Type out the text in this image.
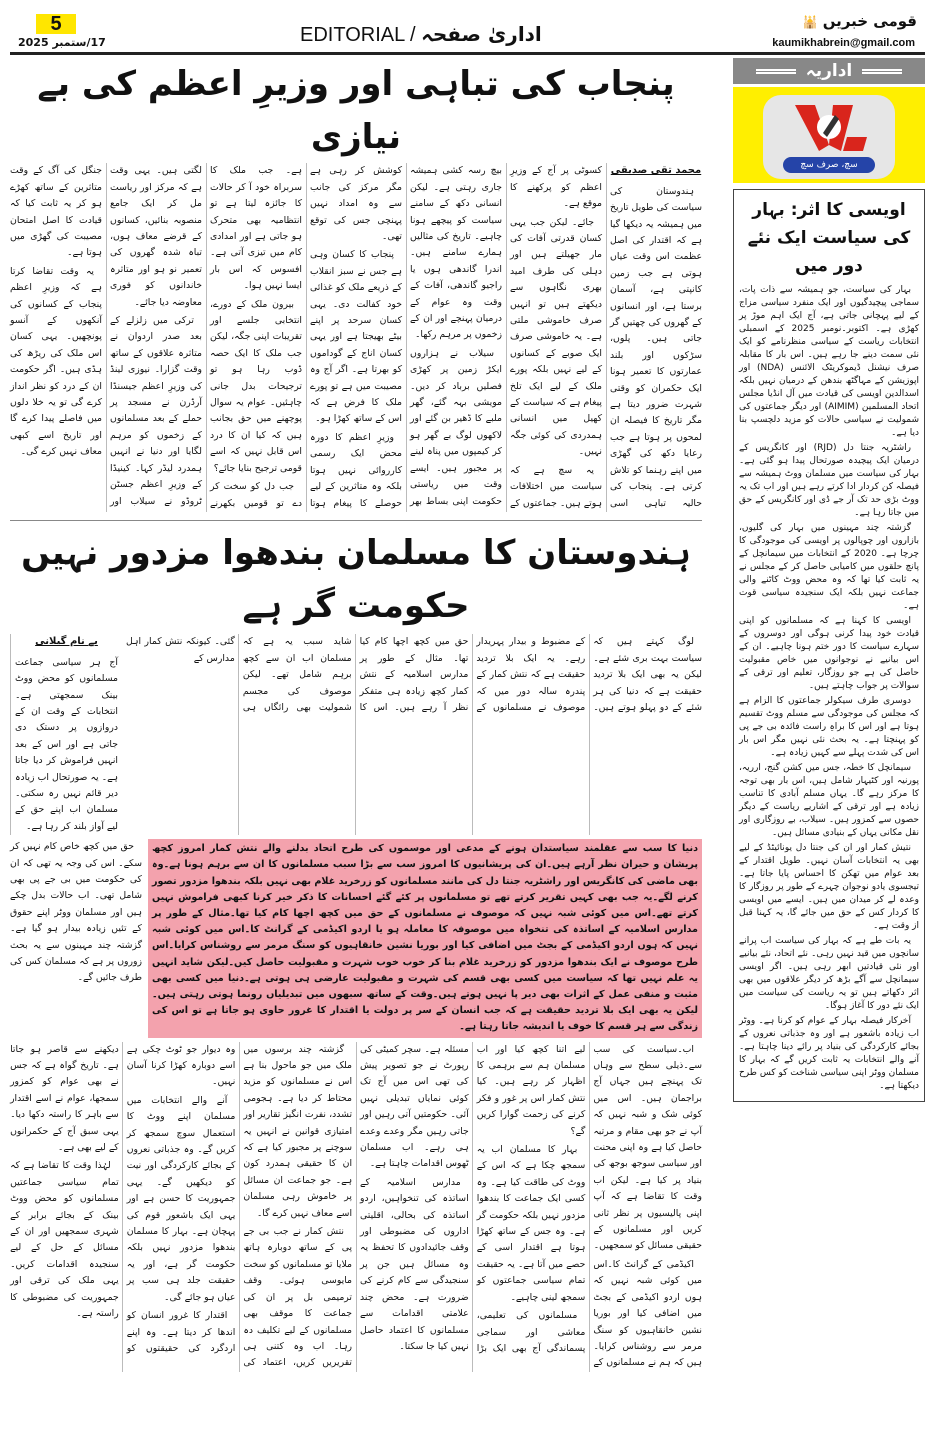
5
17/ستمبر 2025	EDITORIAL / اداریٰ صفحہ
قومی خبریں 🕌
kaumikhabrein@gmail.com
پنجاب کی تباہی اور وزیرِ اعظم کی بے نیازی
محمد تقی صدیقی

ہندوستان کی سیاست کی طویل تاریخ میں ہمیشہ یہ دیکھا گیا ہے کہ اقتدار کی اصل عظمت اس وقت عیاں ہوتی ہے جب زمین کانپتی ہے، آسمان برستا ہے، اور انسانوں کے گھروں کی چھتیں گر جاتی ہیں۔ پلوں، سڑکوں اور بلند عمارتوں کا تعمیر ہونا ایک حکمران کو وقتی شہرت ضرور دیتا ہے مگر تاریخ کا فیصلہ ان لمحوں پر ہوتا ہے جب رعایا دکھ کی گھڑی میں اپنے رہنما کو تلاش کرتی ہے۔ پنجاب کی حالیہ تباہی اسی کسوٹی پر آج کے وزیرِ اعظم کو پرکھنے کا موقع ہے۔

جائے۔ لیکن جب یہی کسان قدرتی آفات کی مار جھیلتے ہیں اور دہلی کی طرف امید بھری نگاہوں سے دیکھتے ہیں تو انہیں صرف خاموشی ملتی ہے۔ یہ خاموشی صرف ایک صوبے کے کسانوں کے لیے نہیں بلکہ پورے ملک کے لیے ایک تلخ پیغام ہے کہ سیاست کے کھیل میں انسانی ہمدردی کی کوئی جگہ نہیں۔

یہ سچ ہے کہ سیاست میں اختلافات ہوتے ہیں۔ جماعتوں کے بیچ رسہ کشی ہمیشہ جاری رہتی ہے۔ لیکن انسانی دکھ کے سامنے سیاست کو پیچھے ہونا چاہیے۔ تاریخ کی مثالیں ہمارے سامنے ہیں۔ اندرا گاندھی ہوں یا راجیو گاندھی، آفات کے وقت وہ عوام کے درمیان پہنچے اور ان کے زخموں پر مرہم رکھا۔

سیلاب نے ہزاروں ایکڑ زمین پر کھڑی فصلیں برباد کر دیں۔ مویشی بہہ گئے، گھر ملبے کا ڈھیر بن گئے اور لاکھوں لوگ بے گھر ہو کر کیمپوں میں پناہ لینے پر مجبور ہیں۔ ایسے وقت میں ریاستی حکومت اپنی بساط بھر کوشش کر رہی ہے مگر مرکز کی جانب سے وہ امداد نہیں پہنچی جس کی توقع تھی۔

پنجاب کا کسان وہی ہے جس نے سبز انقلاب کے ذریعے ملک کو غذائی خود کفالت دی۔ یہی کسان سرحد پر اپنے بیٹے بھیجتا ہے اور یہی کسان اناج کے گوداموں کو بھرتا ہے۔ اگر آج وہ مصیبت میں ہے تو پورے ملک کا فرض ہے کہ اس کے ساتھ کھڑا ہو۔

وزیرِ اعظم کا دورہ محض ایک رسمی کارروائی نہیں ہوتا بلکہ وہ متاثرین کے لیے حوصلے کا پیغام ہوتا ہے۔ جب ملک کا سربراہ خود آ کر حالات کا جائزہ لیتا ہے تو انتظامیہ بھی متحرک ہو جاتی ہے اور امدادی کام میں تیزی آتی ہے۔ افسوس کہ اس بار ایسا نہیں ہوا۔

بیرون ملک کے دورے، انتخابی جلسے اور تقریبات اپنی جگہ، لیکن جب ملک کا ایک حصہ ڈوب رہا ہو تو ترجیحات بدل جانی چاہئیں۔ عوام یہ سوال پوچھنے میں حق بجانب ہیں کہ کیا ان کا درد اس قابل نہیں کہ اسے قومی ترجیح بنایا جائے؟

جب دل کو سخت کر دے تو قومیں بکھرنے لگتی ہیں۔ یہی وقت ہے کہ مرکز اور ریاست مل کر ایک جامع منصوبہ بنائیں، کسانوں کے قرضے معاف ہوں، تباہ شدہ گھروں کی تعمیر نو ہو اور متاثرہ خاندانوں کو فوری معاوضہ دیا جائے۔

ترکی میں زلزلے کے بعد صدر اردوان نے متاثرہ علاقوں کے ساتھ وقت گزارا۔ نیوزی لینڈ کی وزیرِ اعظم جیسنڈا آرڈرن نے مسجد پر حملے کے بعد مسلمانوں کے زخموں کو مرہم لگایا اور دنیا نے انہیں ہمدرد لیڈر کہا۔ کینیڈا کے وزیرِ اعظم جسٹن ٹروڈو نے سیلاب اور جنگل کی آگ کے وقت متاثرین کے ساتھ کھڑے ہو کر یہ ثابت کیا کہ قیادت کا اصل امتحان مصیبت کی گھڑی میں ہوتا ہے۔

یہ وقت تقاضا کرتا ہے کہ وزیرِ اعظم پنجاب کے کسانوں کی آنکھوں کے آنسو پونچھیں۔ یہی کسان اس ملک کی ریڑھ کی ہڈی ہیں۔ اگر حکومت ان کے درد کو نظر انداز کرے گی تو یہ خلا دلوں میں فاصلے پیدا کرے گا اور تاریخ اسے کبھی معاف نہیں کرے گی۔

ہندوستان کا مسلمان بندھوا مزدور نہیں حکومت گر ہے
بے نام گیلانی

آج ہر سیاسی جماعت مسلمانوں کو محض ووٹ بینک سمجھتی ہے۔ انتخابات کے وقت ان کے دروازوں پر دستک دی جاتی ہے اور اس کے بعد انہیں فراموش کر دیا جاتا ہے۔ یہ صورتحال اب زیادہ دیر قائم نہیں رہ سکتی۔ مسلمان اب اپنے حق کے لیے آواز بلند کر رہا ہے۔

لوگ کہتے ہیں کہ سیاست بہت بری شئے ہے۔لیکن یہ بھی ایک بلا تردید حقیقت ہے کہ دنیا کی ہر شئے کے دو پہلو ہوتے ہیں۔ کے مضبوط و بیدار پہریدار رہے۔ یہ ایک بلا تردید حقیقت ہے کہ نتش کمار کے پندرہ سالہ دور میں کہ موصوف نے مسلمانوں کے حق میں کچھ اچھا کام کیا تھا۔ مثال کے طور پر مدارس اسلامیہ کے نتش کمار کچھ زیادہ ہی متفکر نظر آ رہے ہیں۔ اس کا شاید سبب یہ ہے کہ مسلمان اب ان سے کچھ برہم شامل تھے۔ لیکن موصوف کی مجسم شمولیت بھی رائگاں ہی گئی۔ کیونکہ نتش کمار اہل مدارس کے

حق میں کچھ خاص کام نہیں کر سکے۔ اس کی وجہ یہ تھی کہ ان کی حکومت میں بی جے پی بھی شامل تھی۔ اب حالات بدل چکے ہیں اور مسلمان ووٹر اپنے حقوق کے تئیں زیادہ بیدار ہو گیا ہے۔ گزشتہ چند مہینوں سے یہ بحث زوروں پر ہے کہ مسلمان کس کی طرف جائیں گے۔

دنیا کا سب سے عقلمند سیاستدان ہونے کے مدعی اور موسموں کی طرح اتحاد بدلنے والے نتش کمار امروز کچھ پریشان و حیران نظر آرہے ہیں۔ان کی پریشانیوں کا امروز سب سے بڑا سبب مسلمانوں کا ان سے برہم ہونا ہے۔وہ بھی ماضی کی کانگریس اور راشٹریہ جنتا دل کی مانند مسلمانوں کو زرخرید غلام بھی نہیں بلکہ بندھوا مزدور تصور کرنے لگے۔یہ جب بھی کہیں تقریر کرتے تھے تو مسلمانوں پر کئے گئے احسانات کا ذکر خیر کرنا کبھی فراموش نہیں کرتے تھے۔اس میں کوئی شبہ نہیں کہ موصوف نے مسلمانوں کے حق میں کچھ اچھا کام کیا تھا۔مثال کے طور پر مدارس اسلامیہ کے اساتذہ کی تنخواہ میں موصوفہ کا معاملہ ہو یا اردو اکیڈمی کے گرانٹ کا۔اس میں کوئی شبہ نہیں کہ ہوں اردو اکیڈمی کے بجٹ میں اضافی کیا اور بوریا نشین خانقاہیوں کو سنگ مرمر سے روشناس کرایا۔اس طرح موصوف نے ایک بندھوا مزدور کو زرخرید غلام بنا کر خوب خوب شہرت و مقبولیت حاصل کیں۔لیکن شاید انہیں یہ علم نہیں تھا کہ سیاست میں کسی بھی قسم کی شہرت و مقبولیت عارضی ہی ہوتی ہے۔دنیا میں کسی بھی مثبت و منفی عمل کے اثرات بھی دیر پا نہیں ہوتے ہیں۔وقت کے ساتھ سبھوں میں تبدیلیاں رونما ہوتی رہتی ہیں۔لیکن یہ بھی ایک بلا تردید حقیقت ہے کہ جب انسان کے سر پر دولت یا اقتدار کا غرور حاوی ہو جاتا ہے تو اس کی زندگی سے ہر قسم کا خوف یا اندیشہ جاتا رہتا ہے۔

اب۔سیاست کی سب سے۔ذیلی سطح سے وہاں تک پہنچے ہیں جہاں آج براجمان ہیں۔ اس میں کوئی شک و شبہ نہیں کہ آپ نے جو بھی مقام و مرتبہ حاصل کیا ہے وہ اپنی محنت اور سیاسی سوجھ بوجھ کی بنیاد پر کیا ہے۔ لیکن اب وقت کا تقاضا ہے کہ آپ اپنی پالیسیوں پر نظر ثانی کریں اور مسلمانوں کے حقیقی مسائل کو سمجھیں۔

اکیڈمی کے گرانٹ کا۔اس میں کوئی شبہ نہیں کہ ہوں اردو اکیڈمی کے بجٹ میں اضافی کیا اور بوریا نشین خانقاہیوں کو سنگ مرمر سے روشناس کرایا۔ ہیں کہ ہم نے مسلمانوں کے لیے اتنا کچھ کیا اور اب مسلمان ہم سے برہمی کا اظہار کر رہے ہیں۔ کیا نتش کمار اس پر غور و فکر کرنے کی زحمت گوارا کریں گے؟

بہار کا مسلمان اب یہ سمجھ چکا ہے کہ اس کے ووٹ کی طاقت کیا ہے۔ وہ کسی ایک جماعت کا بندھوا مزدور نہیں بلکہ حکومت گر ہے۔ وہ جس کے ساتھ کھڑا ہوتا ہے اقتدار اسی کے حصے میں آتا ہے۔ یہ حقیقت تمام سیاسی جماعتوں کو سمجھ لینی چاہیے۔

مسلمانوں کی تعلیمی، معاشی اور سماجی پسماندگی آج بھی ایک بڑا مسئلہ ہے۔ سچر کمیٹی کی رپورٹ نے جو تصویر پیش کی تھی اس میں آج تک کوئی نمایاں تبدیلی نہیں آئی۔ حکومتیں آتی رہیں اور جاتی رہیں مگر وعدے وعدے ہی رہے۔ اب مسلمان ٹھوس اقدامات چاہتا ہے۔

مدارس اسلامیہ کے اساتذہ کی تنخواہیں، اردو اساتذہ کی بحالی، اقلیتی اداروں کی مضبوطی اور وقف جائیدادوں کا تحفظ یہ وہ مسائل ہیں جن پر سنجیدگی سے کام کرنے کی ضرورت ہے۔ محض چند علامتی اقدامات سے مسلمانوں کا اعتماد حاصل نہیں کیا جا سکتا۔

گزشتہ چند برسوں میں ملک میں جو ماحول بنا ہے اس نے مسلمانوں کو مزید محتاط کر دیا ہے۔ ہجومی تشدد، نفرت انگیز تقاریر اور امتیازی قوانین نے انہیں یہ سوچنے پر مجبور کیا ہے کہ ان کا حقیقی ہمدرد کون ہے۔ جو جماعت ان مسائل پر خاموش رہی مسلمان اسے معاف نہیں کرے گا۔

نتش کمار نے جب بی جے پی کے ساتھ دوبارہ ہاتھ ملایا تو مسلمانوں کو سخت مایوسی ہوئی۔ وقف ترمیمی بل پر ان کی جماعت کا موقف بھی مسلمانوں کے لیے تکلیف دہ رہا۔ اب وہ کتنی ہی تقریریں کریں، اعتماد کی وہ دیوار جو ٹوٹ چکی ہے اسے دوبارہ کھڑا کرنا آسان نہیں۔

آنے والے انتخابات میں مسلمان اپنے ووٹ کا استعمال سوچ سمجھ کر کریں گے۔ وہ جذباتی نعروں کے بجائے کارکردگی اور نیت کو دیکھیں گے۔ یہی جمہوریت کا حسن ہے اور یہی ایک باشعور قوم کی پہچان ہے۔ بہار کا مسلمان بندھوا مزدور نہیں بلکہ حکومت گر ہے، اور یہ حقیقت جلد ہی سب پر عیاں ہو جائے گی۔

اقتدار کا غرور انسان کو اندھا کر دیتا ہے۔ وہ اپنے اردگرد کی حقیقتوں کو دیکھنے سے قاصر ہو جاتا ہے۔ تاریخ گواہ ہے کہ جس نے بھی عوام کو کمزور سمجھا، عوام نے اسے اقتدار سے باہر کا راستہ دکھا دیا۔ یہی سبق آج کے حکمرانوں کے لیے بھی ہے۔

لہٰذا وقت کا تقاضا ہے کہ تمام سیاسی جماعتیں مسلمانوں کو محض ووٹ بینک کے بجائے برابر کے شہری سمجھیں اور ان کے مسائل کے حل کے لیے سنجیدہ اقدامات کریں۔ یہی ملک کی ترقی اور جمہوریت کی مضبوطی کا راستہ ہے۔

اداریہ
سچ، صرف سچ
اویسی کا اثر: بہار کی سیاست ایک نئے دور میں

بہار کی سیاست، جو ہمیشہ سے ذات پات، سماجی پیچیدگیوں اور ایک منفرد سیاسی مزاج کے لیے پہچانی جاتی ہے، آج ایک اہم موڑ پر کھڑی ہے۔ اکتوبر۔نومبر 2025 کے اسمبلی انتخابات ریاست کے سیاسی منظرنامے کو ایک نئی سمت دینے جا رہے ہیں۔ اس بار کا مقابلہ صرف نیشنل ڈیموکریٹک الائنس (NDA) اور اپوزیشن کے مہاگٹھ بندھن کے درمیان نہیں بلکہ اسدالدین اویسی کی قیادت میں آل انڈیا مجلس اتحاد المسلمین (AIMIM) اور دیگر جماعتوں کی شمولیت نے سیاسی حالات کو مزید دلچسپ بنا دیا ہے۔

راشٹریہ جنتا دل (RJD) اور کانگریس کے درمیان ایک پیچیدہ صورتحال پیدا ہو گئی ہے۔ بہار کی سیاست میں مسلمان ووٹ ہمیشہ سے فیصلہ کن کردار ادا کرتے رہے ہیں اور اب تک یہ ووٹ بڑی حد تک آر جے ڈی اور کانگریس کے حق میں جاتا رہا ہے۔

گزشتہ چند مہینوں میں بہار کی گلیوں، بازاروں اور چوپالوں پر اویسی کی موجودگی کا چرچا ہے۔ 2020 کے انتخابات میں سیمانچل کے پانچ حلقوں میں کامیابی حاصل کر کے مجلس نے یہ ثابت کیا تھا کہ وہ محض ووٹ کاٹنے والی جماعت نہیں بلکہ ایک سنجیدہ سیاسی قوت ہے۔

اویسی کا کہنا ہے کہ مسلمانوں کو اپنی قیادت خود پیدا کرنی ہوگی اور دوسروں کے سہارے سیاست کا دور ختم ہونا چاہیے۔ ان کے اس بیانیے نے نوجوانوں میں خاص مقبولیت حاصل کی ہے جو روزگار، تعلیم اور ترقی کے سوالات پر جواب چاہتے ہیں۔

دوسری طرف سیکولر جماعتوں کا الزام ہے کہ مجلس کی موجودگی سے مسلم ووٹ تقسیم ہوتا ہے اور اس کا براہِ راست فائدہ بی جے پی کو پہنچتا ہے۔ یہ بحث نئی نہیں مگر اس بار اس کی شدت پہلے سے کہیں زیادہ ہے۔

سیمانچل کا خطہ، جس میں کشن گنج، ارریہ، پورنیہ اور کٹیہار شامل ہیں، اس بار بھی توجہ کا مرکز رہے گا۔ یہاں مسلم آبادی کا تناسب زیادہ ہے اور ترقی کے اشاریے ریاست کے دیگر حصوں سے کمزور ہیں۔ سیلاب، بے روزگاری اور نقل مکانی یہاں کے بنیادی مسائل ہیں۔

نتیش کمار اور ان کی جنتا دل یونائیٹڈ کے لیے بھی یہ انتخابات آسان نہیں۔ طویل اقتدار کے بعد عوام میں تھکن کا احساس پایا جاتا ہے۔ تیجسوی یادو نوجوان چہرے کے طور پر روزگار کا وعدہ لے کر میدان میں ہیں۔ ایسے میں اویسی کا کردار کس کے حق میں جائے گا، یہ کہنا قبل از وقت ہے۔

یہ بات طے ہے کہ بہار کی سیاست اب پرانے سانچوں میں قید نہیں رہی۔ نئے اتحاد، نئے بیانیے اور نئی قیادتیں ابھر رہی ہیں۔ اگر اویسی سیمانچل سے آگے بڑھ کر دیگر علاقوں میں بھی اثر دکھاتے ہیں تو یہ ریاست کی سیاست میں ایک نئے دور کا آغاز ہوگا۔

آخرکار فیصلہ بہار کے عوام کو کرنا ہے۔ ووٹر اب زیادہ باشعور ہے اور وہ جذباتی نعروں کے بجائے کارکردگی کی بنیاد پر رائے دینا چاہتا ہے۔ آنے والے انتخابات یہ ثابت کریں گے کہ بہار کا مسلمان ووٹر اپنی سیاسی شناخت کو کس طرح دیکھتا ہے۔
